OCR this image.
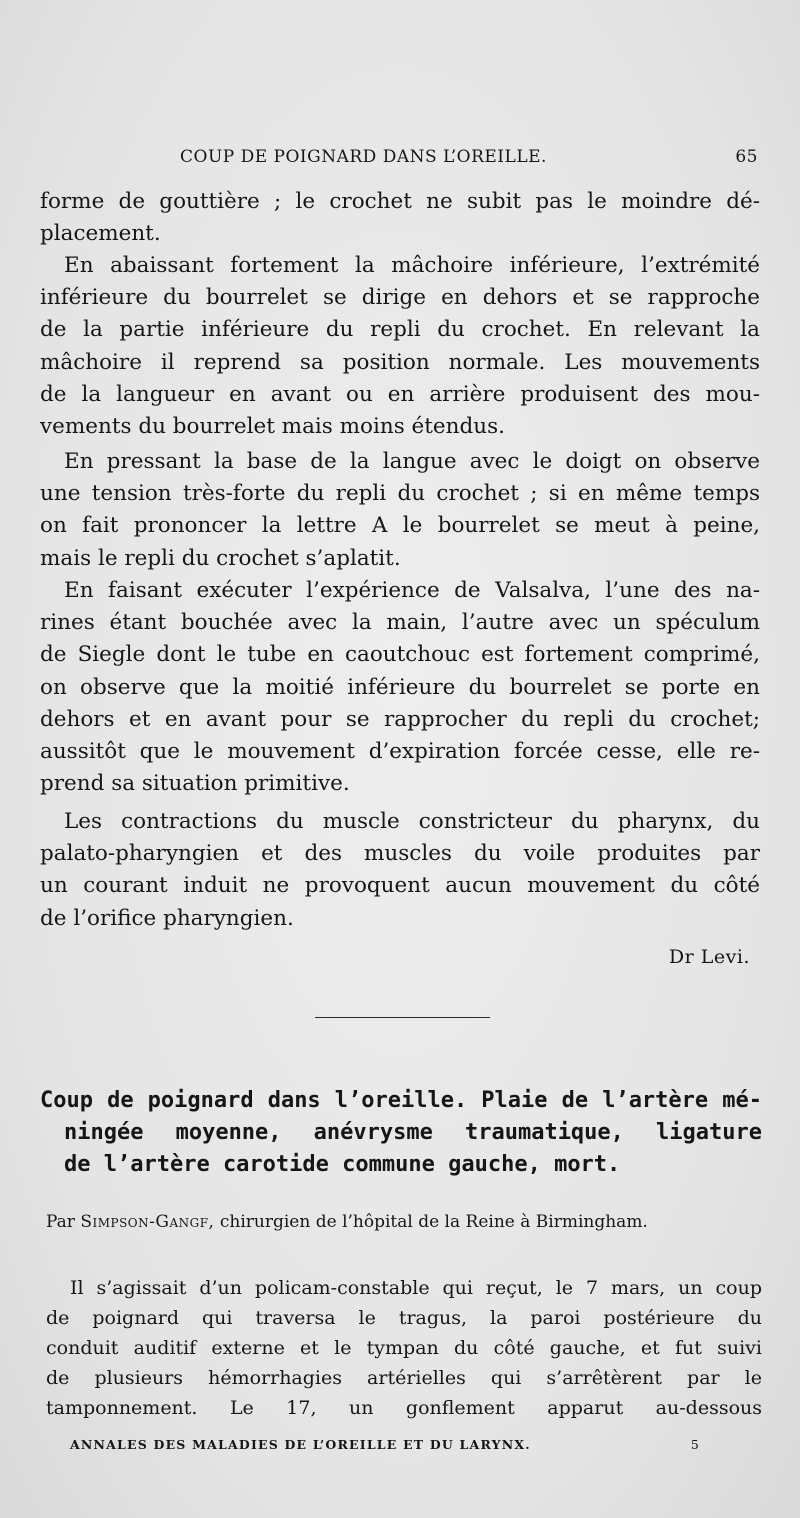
COUP DE POIGNARD DANS L’OREILLE.	65

forme de gouttière ; le crochet ne subit pas le moindre dé-
placement.

En abaissant fortement la mâchoire inférieure, l’extrémité
inférieure du bourrelet se dirige en dehors et se rapproche
de la partie inférieure du repli du crochet. En relevant la
mâchoire il reprend sa position normale. Les mouvements
de la langueur en avant ou en arrière produisent des mou-
vements du bourrelet mais moins étendus.

En pressant la base de la langue avec le doigt on observe
une tension très-forte du repli du crochet ; si en même temps
on fait prononcer la lettre A le bourrelet se meut à peine,
mais le repli du crochet s’aplatit.

En faisant exécuter l’expérience de Valsalva, l’une des na-
rines étant bouchée avec la main, l’autre avec un spéculum
de Siegle dont le tube en caoutchouc est fortement comprimé,
on observe que la moitié inférieure du bourrelet se porte en
dehors et en avant pour se rapprocher du repli du crochet;
aussitôt que le mouvement d’expiration forcée cesse, elle re-
prend sa situation primitive.

Les contractions du muscle constricteur du pharynx, du
palato-pharyngien et des muscles du voile produites par
un courant induit ne provoquent aucun mouvement du côté
de l’orifice pharyngien.

Dr Levi.
Coup de poignard dans l’oreille. Plaie de l’artère mé-
ningée moyenne, anévrysme traumatique, ligature
de l’artère carotide commune gauche, mort.
Par Simpson-Gangf, chirurgien de l’hôpital de la Reine à Birmingham.

Il s’agissait d’un policam-constable qui reçut, le 7 mars, un coup
de poignard qui traversa le tragus, la paroi postérieure du
conduit auditif externe et le tympan du côté gauche, et fut suivi
de plusieurs hémorrhagies artérielles qui s’arrêtèrent par le
tamponnement. Le 17, un gonflement apparut au-dessous

ANNALES DES MALADIES DE L’OREILLE ET DU LARYNX.	5
